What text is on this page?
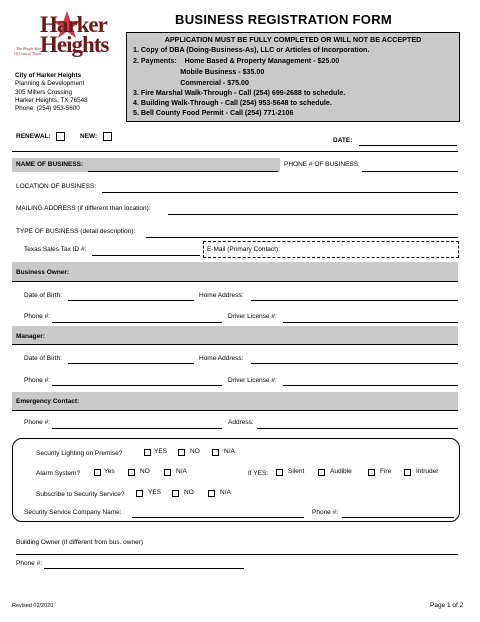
Harker
Heights
The Bright Star Of Central Texas
City of Harker Heights
Planning & Development
305 Millers Crossing
Harker Heights, TX 76548
Phone: (254) 953-5600
BUSINESS REGISTRATION FORM
APPLICATION MUST BE FULLY COMPLETED OR WILL NOT BE ACCEPTED
1. Copy of DBA (Doing-Business-As), LLC or Articles of Incorporation.
2. Payments:    Home Based & Property Management - $25.00
Mobile Business - $35.00
Commercial - $75.00
3. Fire Marshal Walk-Through - Call (254) 699-2688 to schedule.
4. Building Walk-Through - Call (254) 953-5648 to schedule.
5. Bell County Food Permit - Call (254) 771-2106
RENEWAL:	NEW:
DATE:
NAME OF BUSINESS:	PHONE # OF BUSINESS:
LOCATION OF BUSINESS:
MAILING ADDRESS (if different than location):
TYPE OF BUSINESS (detail description):
Texas Sales Tax ID #:	E-Mail (Primary Contact):
Business Owner:
Date of Birth:	Home Address:
Phone #:	Driver License #:
Manager:
Date of Birth:	Home Address:
Phone #:	Driver License #:
Emergency Contact:
Phone #:	Address:
Security Lighting on Premise?	YES	NO	N/A
Alarm System?	Yes	NO	N/A	If YES:	Silent	Audible	Fire	Intruder
Subscribe to Security Service?	YES	NO	N/A
Security Service Company Name:	Phone #:
Building Owner (if different from bus. owner)
Phone #:
Revised 02/2020	Page 1 of 2
